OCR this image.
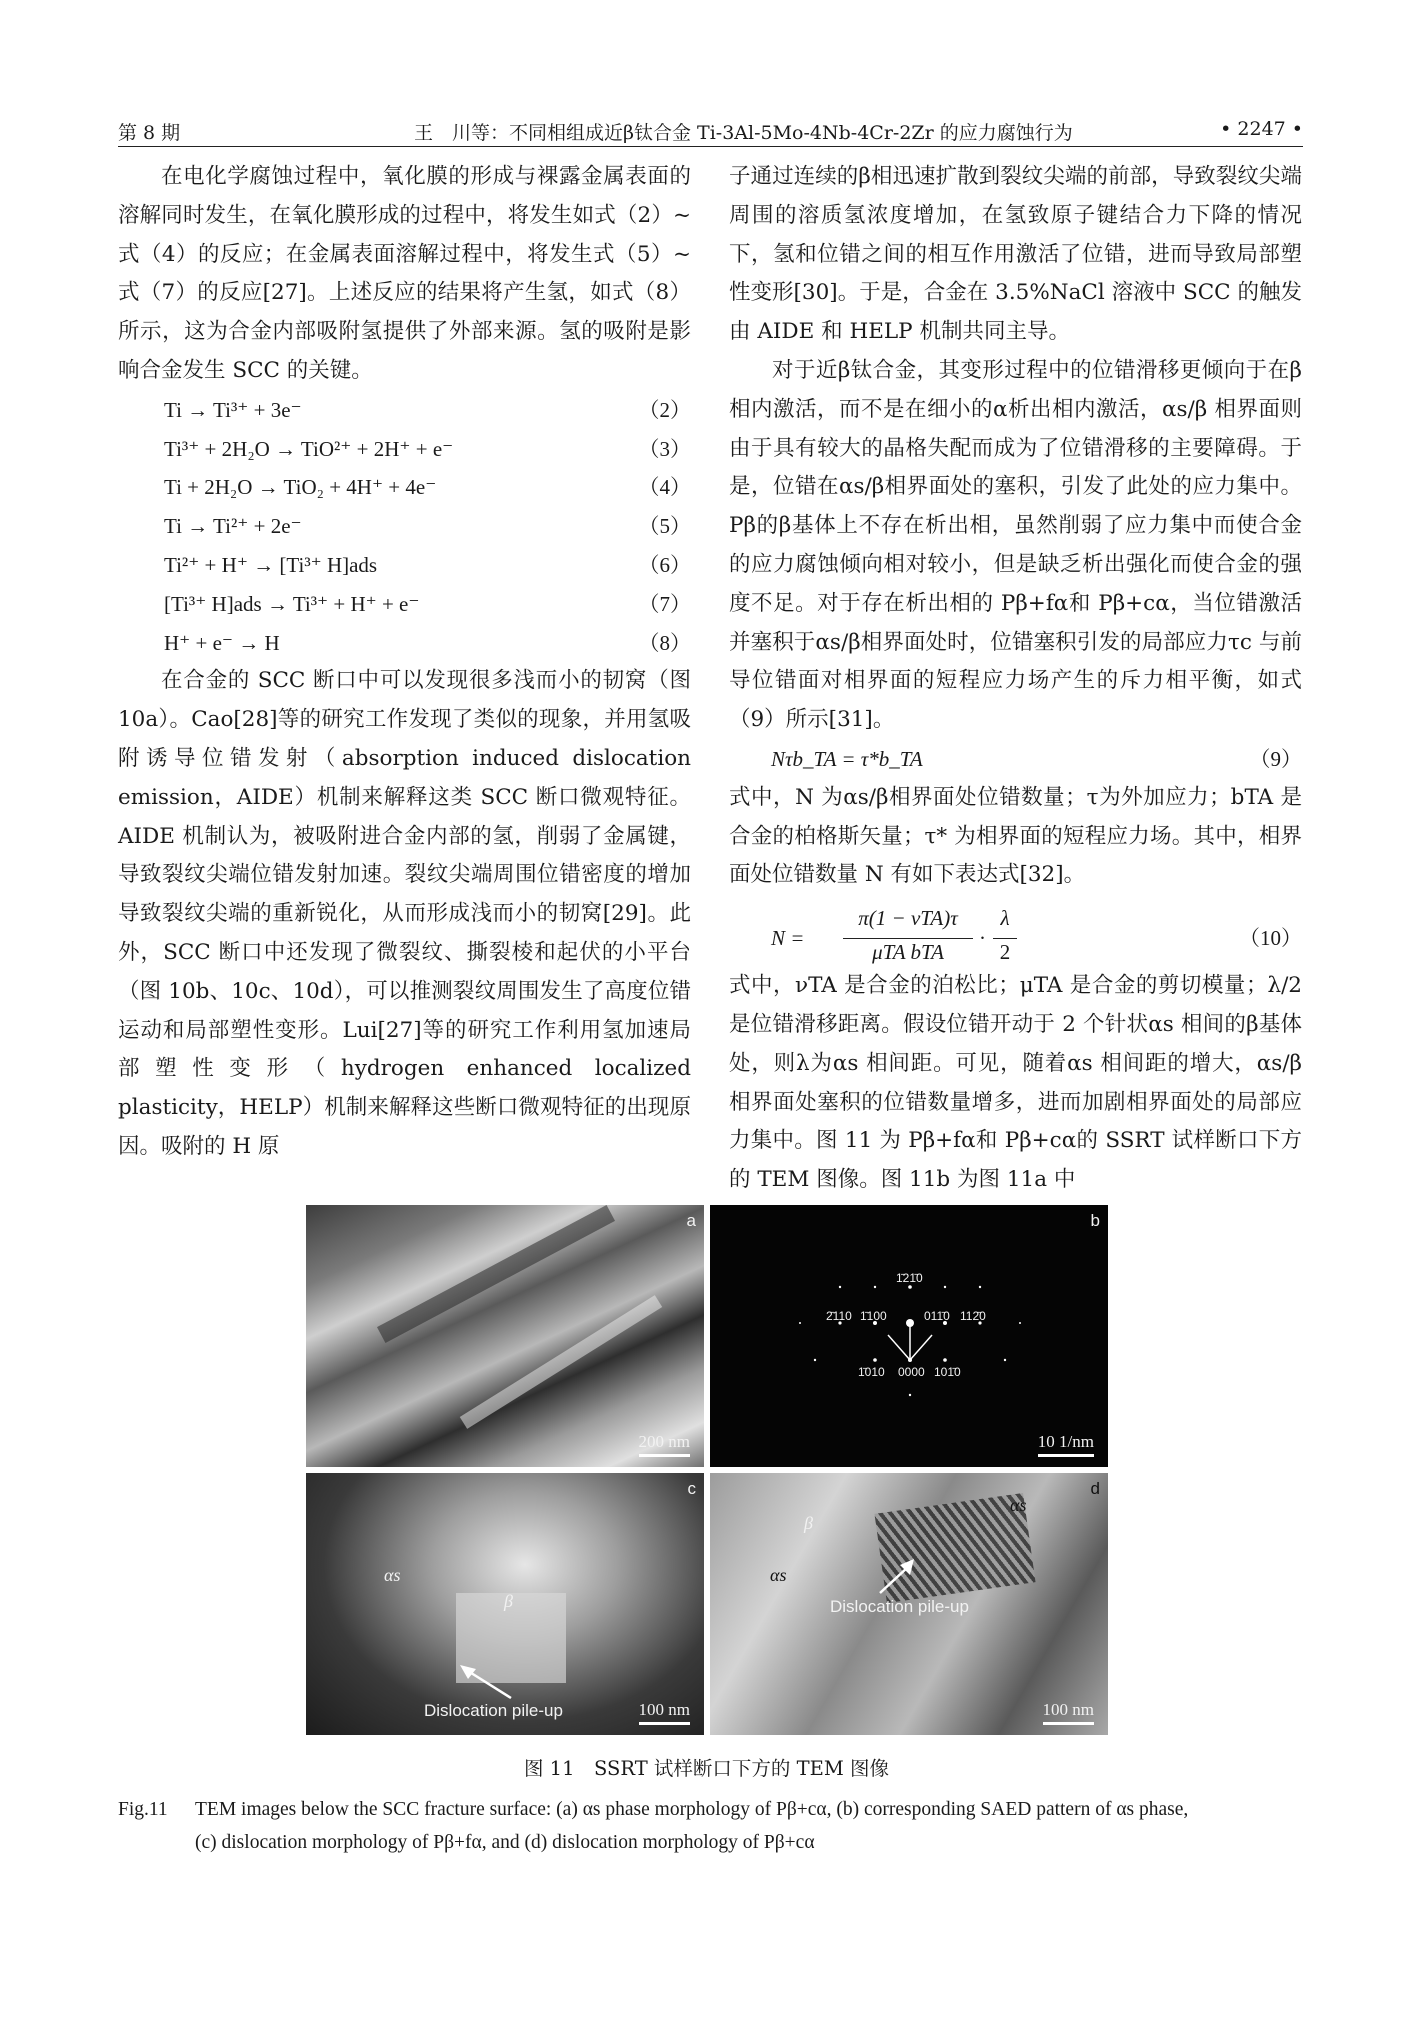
第 8 期	王　川等：不同相组成近β钛合金 Ti-3Al-5Mo-4Nb-4Cr-2Zr 的应力腐蚀行为	• 2247 •

在电化学腐蚀过程中，氧化膜的形成与裸露金属表面的溶解同时发生，在氧化膜形成的过程中，将发生如式（2）~式（4）的反应；在金属表面溶解过程中，将发生式（5）~式（7）的反应[27]。上述反应的结果将产生氢，如式（8）所示，这为合金内部吸附氢提供了外部来源。氢的吸附是影响合金发生 SCC 的关键。

Ti → Ti³⁺ + 3e⁻	（2）
Ti³⁺ + 2H₂O → TiO²⁺ + 2H⁺ + e⁻	（3）
Ti + 2H₂O → TiO₂ + 4H⁺ + 4e⁻	（4）
Ti → Ti²⁺ + 2e⁻	（5）
Ti²⁺ + H⁺ → [Ti³⁺ H]ads	（6）
[Ti³⁺ H]ads → Ti³⁺ + H⁺ + e⁻	（7）
H⁺ + e⁻ → H	（8）

在合金的 SCC 断口中可以发现很多浅而小的韧窝（图 10a）。Cao[28]等的研究工作发现了类似的现象，并用氢吸附诱导位错发射（absorption induced dislocation emission，AIDE）机制来解释这类 SCC 断口微观特征。AIDE 机制认为，被吸附进合金内部的氢，削弱了金属键，导致裂纹尖端位错发射加速。裂纹尖端周围位错密度的增加导致裂纹尖端的重新锐化，从而形成浅而小的韧窝[29]。此外，SCC 断口中还发现了微裂纹、撕裂棱和起伏的小平台（图 10b、10c、10d），可以推测裂纹周围发生了高度位错运动和局部塑性变形。Lui[27]等的研究工作利用氢加速局部塑性变形（hydrogen enhanced localized plasticity，HELP）机制来解释这些断口微观特征的出现原因。吸附的 H 原

子通过连续的β相迅速扩散到裂纹尖端的前部，导致裂纹尖端周围的溶质氢浓度增加，在氢致原子键结合力下降的情况下，氢和位错之间的相互作用激活了位错，进而导致局部塑性变形[30]。于是，合金在 3.5%NaCl 溶液中 SCC 的触发由 AIDE 和 HELP 机制共同主导。

对于近β钛合金，其变形过程中的位错滑移更倾向于在β相内激活，而不是在细小的α析出相内激活，αs/β 相界面则由于具有较大的晶格失配而成为了位错滑移的主要障碍。于是，位错在αs/β相界面处的塞积，引发了此处的应力集中。Pβ的β基体上不存在析出相，虽然削弱了应力集中而使合金的应力腐蚀倾向相对较小，但是缺乏析出强化而使合金的强度不足。对于存在析出相的 Pβ+fα和 Pβ+cα，当位错激活并塞积于αs/β相界面处时，位错塞积引发的局部应力τc 与前导位错面对相界面的短程应力场产生的斥力相平衡，如式（9）所示[31]。

Nτb_TA = τ*b_TA	（9）

式中，N 为αs/β相界面处位错数量；τ为外加应力；bTA 是合金的柏格斯矢量；τ* 为相界面的短程应力场。其中，相界面处位错数量 N 有如下表达式[32]。

N =
π(1 − νTA)τ
μTA bTA
·
λ
2
（10）

式中，νTA 是合金的泊松比；μTA 是合金的剪切模量；λ/2 是位错滑移距离。假设位错开动于 2 个针状αs 相间的β基体处，则λ为αs 相间距。可见，随着αs 相间距的增大，αs/β相界面处塞积的位错数量增多，进而加剧相界面处的局部应力集中。图 11 为 Pβ+fα和 Pβ+cα的 SSRT 试样断口下方的 TEM 图像。图 11b 为图 11a 中

a
200 nm
1̄21̄0
2̄110 1̄100	011̄0 112̄0
1̄010 0000 101̄0
b
10 1/nm
c
αs
β
Dislocation pile-up	100 nm
d
β
αs
αs
Dislocation pile-up
100 nm
图 11　SSRT 试样断口下方的 TEM 图像
Fig.11 TEM images below the SCC fracture surface: (a) αs phase morphology of Pβ+cα, (b) corresponding SAED pattern of αs phase,
(c) dislocation morphology of Pβ+fα, and (d) dislocation morphology of Pβ+cα
